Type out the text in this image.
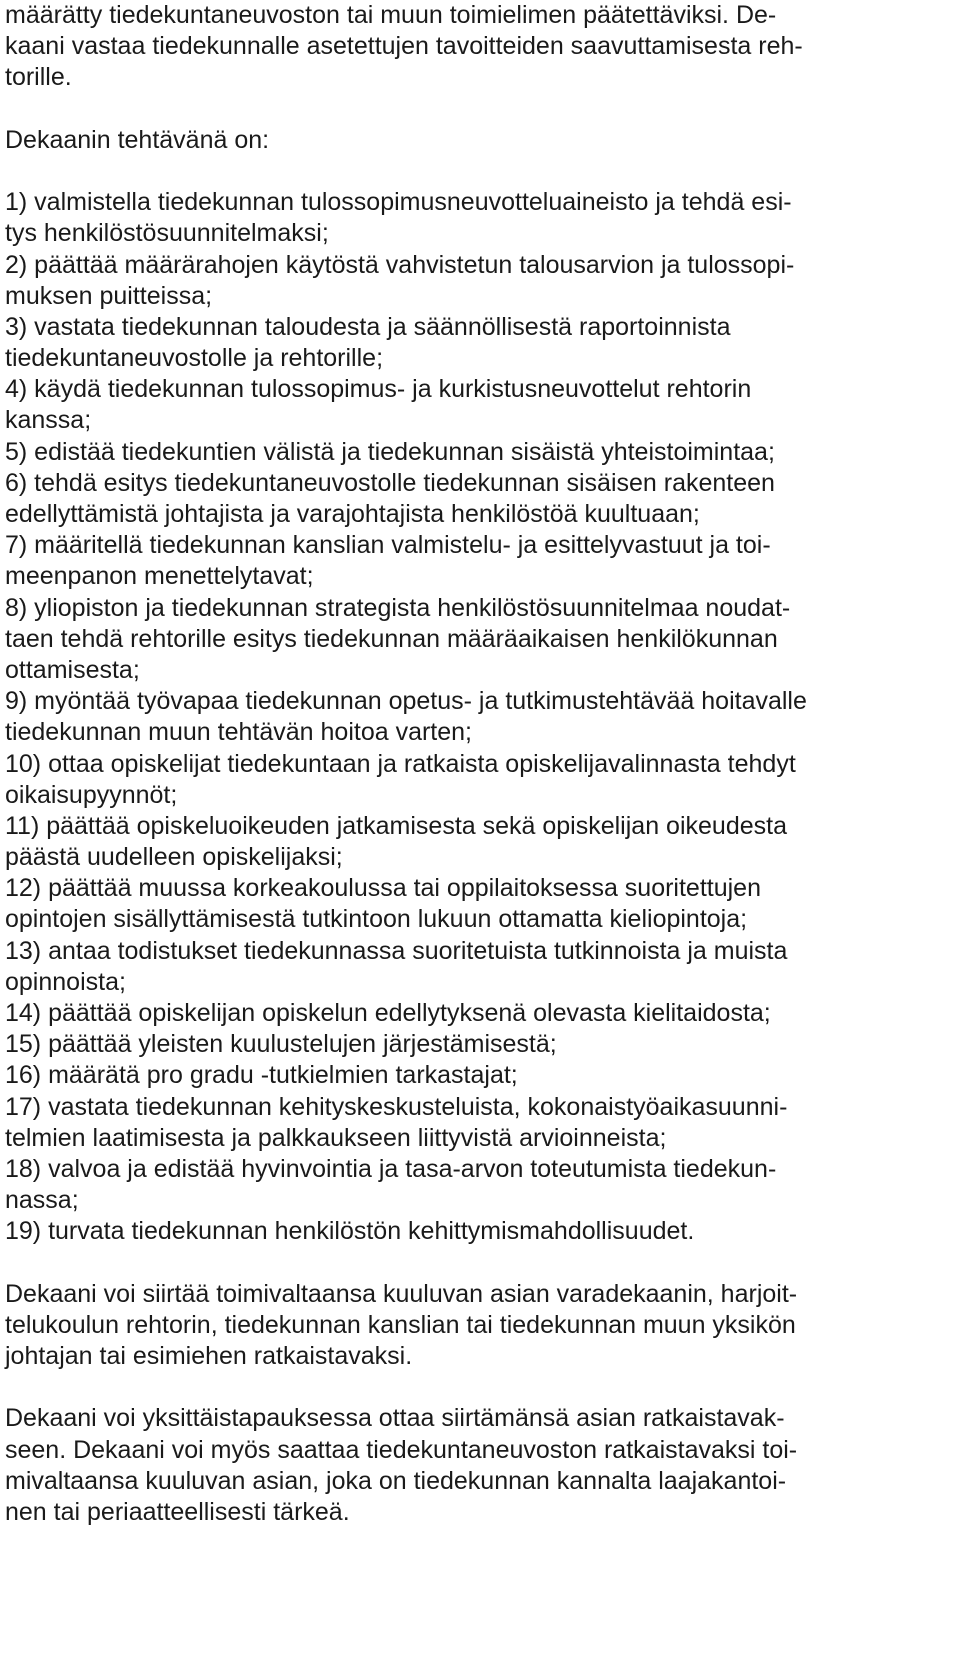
määrätty tiedekuntaneuvoston tai muun toimielimen päätettäviksi. De-
kaani vastaa tiedekunnalle asetettujen tavoitteiden saavuttamisesta reh-
torille.
Dekaanin tehtävänä on:
1) valmistella tiedekunnan tulossopimusneuvotteluaineisto ja tehdä esi-
tys henkilöstösuunnitelmaksi;
2) päättää määrärahojen käytöstä vahvistetun talousarvion ja tulossopi-
muksen puitteissa;
3) vastata tiedekunnan taloudesta ja säännöllisestä raportoinnista
tiedekuntaneuvostolle ja rehtorille;
4) käydä tiedekunnan tulossopimus- ja kurkistusneuvottelut rehtorin
kanssa;
5) edistää tiedekuntien välistä ja tiedekunnan sisäistä yhteistoimintaa;
6) tehdä esitys tiedekuntaneuvostolle tiedekunnan sisäisen rakenteen
edellyttämistä johtajista ja varajohtajista henkilöstöä kuultuaan;
7) määritellä tiedekunnan kanslian valmistelu- ja esittelyvastuut ja toi-
meenpanon menettelytavat;
8) yliopiston ja tiedekunnan strategista henkilöstösuunnitelmaa noudat-
taen tehdä rehtorille esitys tiedekunnan määräaikaisen henkilökunnan
ottamisesta;
9) myöntää työvapaa tiedekunnan opetus- ja tutkimustehtävää hoitavalle
tiedekunnan muun tehtävän hoitoa varten;
10) ottaa opiskelijat tiedekuntaan ja ratkaista opiskelijavalinnasta tehdyt
oikaisupyynnöt;
11) päättää opiskeluoikeuden jatkamisesta sekä opiskelijan oikeudesta
päästä uudelleen opiskelijaksi;
12) päättää muussa korkeakoulussa tai oppilaitoksessa suoritettujen
opintojen sisällyttämisestä tutkintoon lukuun ottamatta kieliopintoja;
13) antaa todistukset tiedekunnassa suoritetuista tutkinnoista ja muista
opinnoista;
14) päättää opiskelijan opiskelun edellytyksenä olevasta kielitaidosta;
15) päättää yleisten kuulustelujen järjestämisestä;
16) määrätä pro gradu -tutkielmien tarkastajat;
17) vastata tiedekunnan kehityskeskusteluista, kokonaistyöaikasuunni-
telmien laatimisesta ja palkkaukseen liittyvistä arvioinneista;
18) valvoa ja edistää hyvinvointia ja tasa-arvon toteutumista tiedekun-
nassa;
19) turvata tiedekunnan henkilöstön kehittymismahdollisuudet.
Dekaani voi siirtää toimivaltaansa kuuluvan asian varadekaanin, harjoit-
telukoulun rehtorin, tiedekunnan kanslian tai tiedekunnan muun yksikön
johtajan tai esimiehen ratkaistavaksi.
Dekaani voi yksittäistapauksessa ottaa siirtämänsä asian ratkaistavak-
seen. Dekaani voi myös saattaa tiedekuntaneuvoston ratkaistavaksi toi-
mivaltaansa kuuluvan asian, joka on tiedekunnan kannalta laajakantoi-
nen tai periaatteellisesti tärkeä.
